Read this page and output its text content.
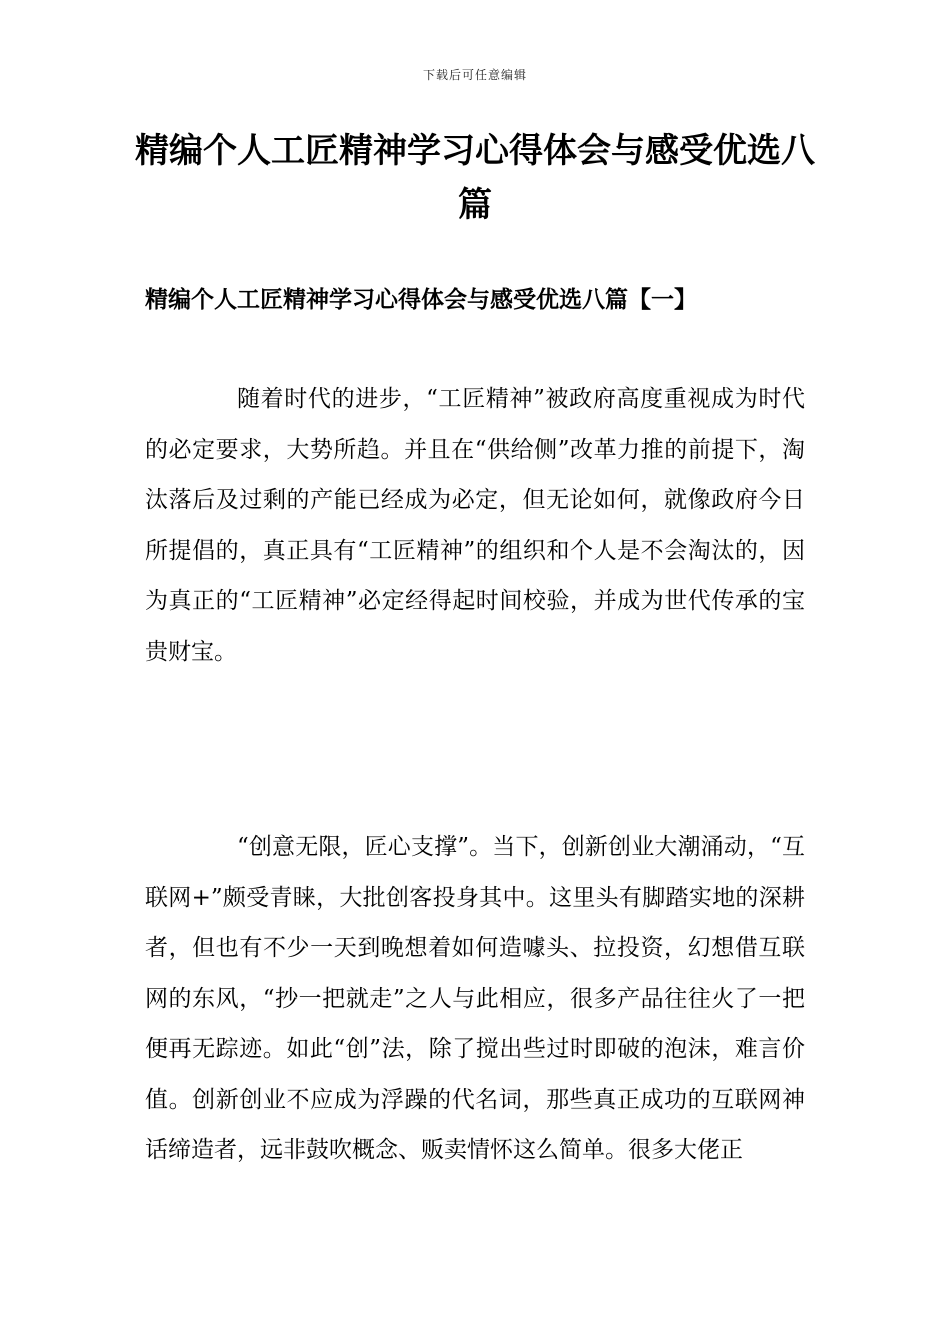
下载后可任意编辑
精编个人工匠精神学习心得体会与感受优选八篇
精编个人工匠精神学习心得体会与感受优选八篇【一】

随着时代的进步，“工匠精神”被政府高度重视成为时代的必定要求，大势所趋。并且在“供给侧”改革力推的前提下，淘汰落后及过剩的产能已经成为必定，但无论如何，就像政府今日所提倡的，真正具有“工匠精神”的组织和个人是不会淘汰的，因为真正的“工匠精神”必定经得起时间校验，并成为世代传承的宝贵财宝。

“创意无限，匠心支撑”。当下，创新创业大潮涌动，“互联网+”颇受青睐，大批创客投身其中。这里头有脚踏实地的深耕者，但也有不少一天到晚想着如何造噱头、拉投资，幻想借互联网的东风，“抄一把就走”之人与此相应，很多产品往往火了一把便再无踪迹。如此“创”法，除了搅出些过时即破的泡沫，难言价值。创新创业不应成为浮躁的代名词，那些真正成功的互联网神话缔造者，远非鼓吹概念、贩卖情怀这么简单。很多大佬正
